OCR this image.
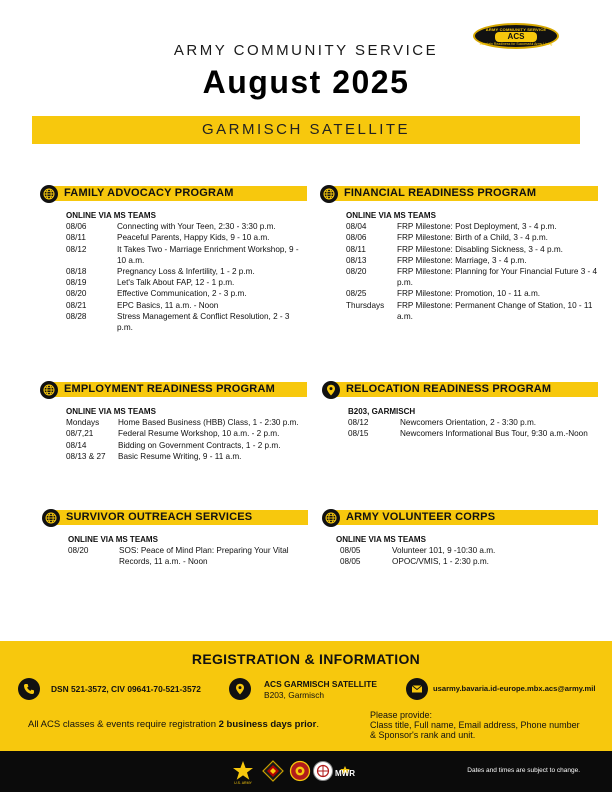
ARMY COMMUNITY SERVICE
August 2025
GARMISCH SATELLITE
ARMY COMMUNITY SERVICE
ACS
Maintain Readiness for Successful Army Living
FAMILY ADVOCACY PROGRAM
ONLINE VIA MS TEAMS
08/06	Connecting with Your Teen, 2:30 - 3:30 p.m.
08/11	Peaceful Parents, Happy Kids, 9 - 10 a.m.
08/12	It Takes Two - Marriage Enrichment Workshop, 9 - 10 a.m.
08/18	Pregnancy Loss & Infertility, 1 - 2 p.m.
08/19	Let's Talk About FAP, 12 - 1 p.m.
08/20	Effective Communication, 2 - 3 p.m.
08/21	EPC Basics, 11 a.m. - Noon
08/28	Stress Management & Conflict Resolution, 2 - 3 p.m.
FINANCIAL READINESS PROGRAM
ONLINE VIA MS TEAMS
08/04	FRP Milestone: Post Deployment, 3 - 4 p.m.
08/06	FRP Milestone: Birth of a Child, 3 - 4 p.m.
08/11	FRP Milestone: Disabling Sickness, 3 - 4 p.m.
08/13	FRP Milestone: Marriage, 3 - 4 p.m.
08/20	FRP Milestone: Planning for Your Financial Future 3 - 4 p.m.
08/25	FRP Milestone: Promotion, 10 - 11 a.m.
Thursdays	FRP Milestone: Permanent Change of Station, 10 - 11 a.m.
EMPLOYMENT READINESS PROGRAM
ONLINE VIA MS TEAMS
Mondays	Home Based Business (HBB) Class, 1 - 2:30 p.m.
08/7,21	Federal Resume Workshop, 10 a.m. - 2 p.m.
08/14	Bidding on Government Contracts, 1 - 2 p.m.
08/13 & 27	Basic Resume Writing, 9 - 11 a.m.
RELOCATION READINESS PROGRAM
B203, GARMISCH
08/12	Newcomers Orientation, 2 - 3:30 p.m.
08/15	Newcomers Informational Bus Tour, 9:30 a.m.-Noon
SURVIVOR OUTREACH SERVICES
ONLINE VIA MS TEAMS
08/20	SOS: Peace of Mind Plan: Preparing Your Vital Records, 11 a.m. - Noon
ARMY VOLUNTEER CORPS
ONLINE VIA MS TEAMS
08/05	Volunteer 101, 9 -10:30 a.m.
08/05	OPOC/VMIS, 1 - 2:30 p.m.
REGISTRATION & INFORMATION
DSN 521-3572, CIV 09641-70-521-3572	ACS GARMISCH SATELLITE
B203, Garmisch
usarmy.bavaria.id-europe.mbx.acs@army.mil
All ACS classes & events require registration 2 business days prior.
Please provide:
Class title, Full name, Email address, Phone number
& Sponsor's rank and unit.
U.S. ARMY
MWR	Dates and times are subject to change.
